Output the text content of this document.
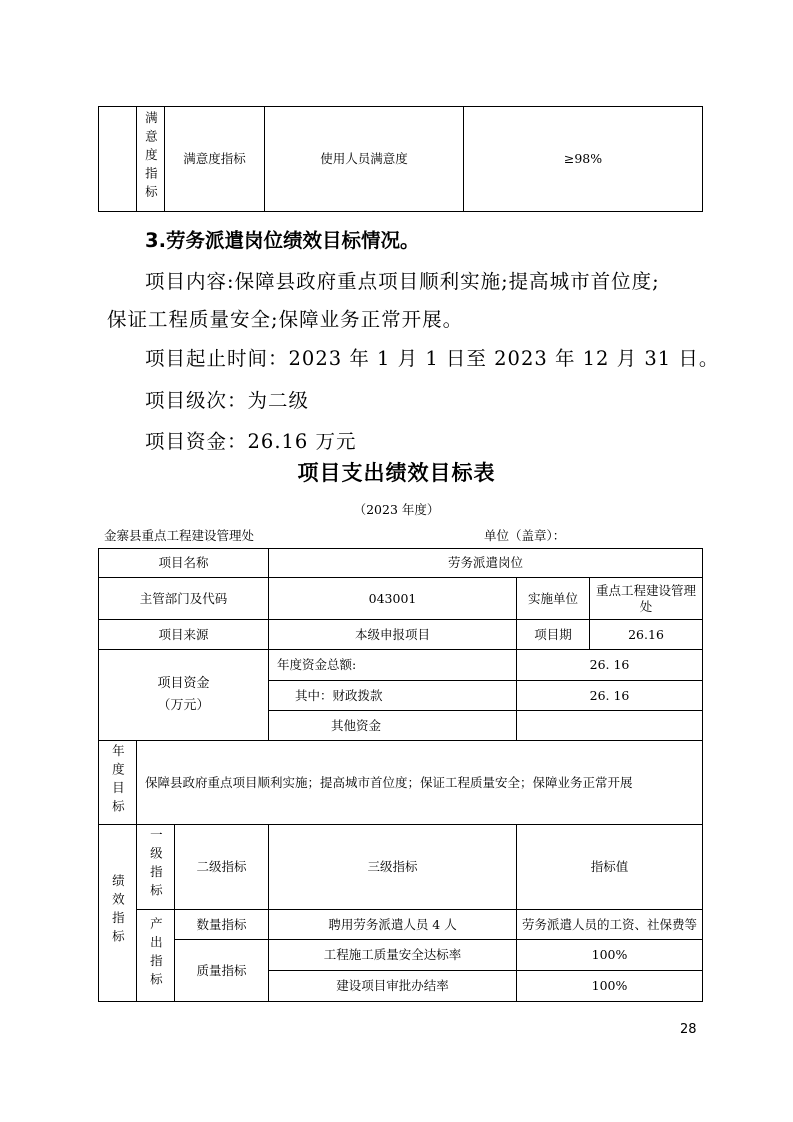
	满意度指标	满意度指标	使用人员满意度	≥98%
3.劳务派遣岗位绩效目标情况。
项目内容:保障县政府重点项目顺利实施;提高城市首位度;
保证工程质量安全;保障业务正常开展。
项目起止时间：2023 年 1 月 1 日至 2023 年 12 月 31 日。
项目级次：为二级
项目资金：26.16 万元
项目支出绩效目标表
（2023 年度）
金寨县重点工程建设管理处	单位（盖章）：
项目名称			劳务派遣岗位		
主管部门及代码			043001	实施单位	重点工程建设管理处
项目来源			本级申报项目	项目期	26.16
项目资金（万元）			年度资金总额:	26. 16	
			其中：财政拨款	26. 16	
			其他资金		
年度目标	保障县政府重点项目顺利实施；提高城市首位度；保证工程质量安全；保障业务正常开展				
绩效指标	一级指标	二级指标	三级指标	指标值	
	产出指标	数量指标	聘用劳务派遣人员 4 人	劳务派遣人员的工资、社保费等	
		质量指标	工程施工质量安全达标率	100%	
			建设项目审批办结率	100%	
28
